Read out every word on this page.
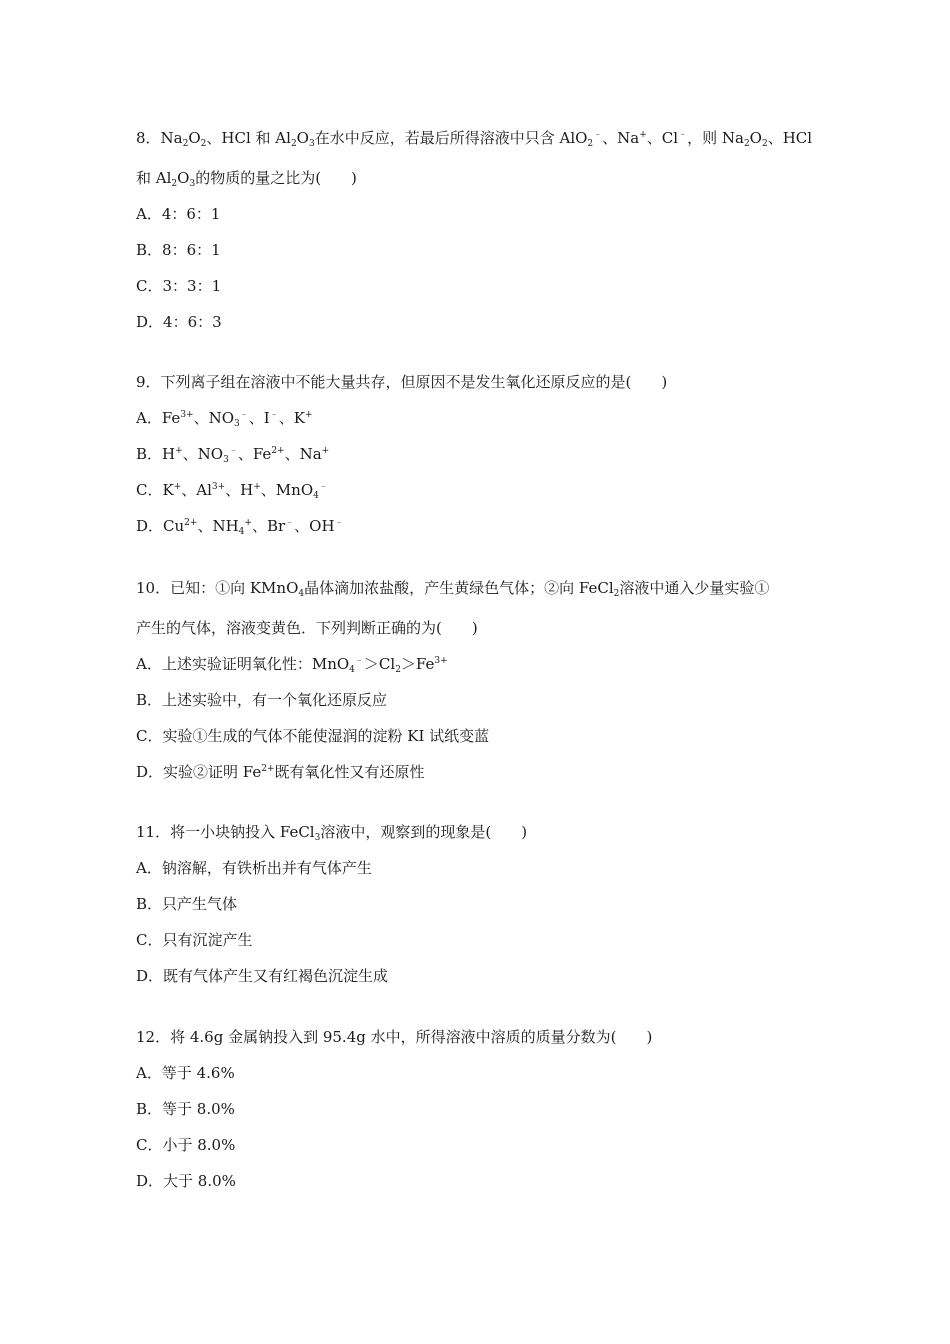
8．$Na_2O_2$、HCl 和 $Al_2O_3$在水中反应，若最后所得溶液中只含 AlO$_2$﹣、Na+、Cl﹣，则 $Na_2O_2$、HCl
和 $Al_2O_3$的物质的量之比为(　　)
A．4：6：1
B．8：6：1
C．3：3：1
D．4：6：3
9．下列离子组在溶液中不能大量共存，但原因不是发生氧化还原反应的是(　　)
A．$Fe^{3+}$、$NO_3^﹣$、I﹣、K+
B．H+、$NO_3^﹣$、$Fe^{2+}$、Na+
C．K+、$Al^{3+}$、H+、MnO$_4$﹣
D．$Cu^{2+}$、$NH_4^+$、Br﹣、OH﹣
10．已知：①向 KMnO$_4$晶体滴加浓盐酸，产生黄绿色气体；②向 FeCl$_2$溶液中通入少量实验①
产生的气体，溶液变黄色．下列判断正确的为(　　)
A．上述实验证明氧化性：$MnO_4^﹣>Cl_2>Fe^{3+}$
B．上述实验中，有一个氧化还原反应
C．实验①生成的气体不能使湿润的淀粉 KI 试纸变蓝
D．实验②证明 $Fe^{2+}$既有氧化性又有还原性
11．将一小块钠投入 FeCl$_3$溶液中，观察到的现象是(　　)
A．钠溶解，有铁析出并有气体产生
B．只产生气体
C．只有沉淀产生
D．既有气体产生又有红褐色沉淀生成
12．将 4.6g 金属钠投入到 95.4g 水中，所得溶液中溶质的质量分数为(　　)
A．等于 4.6%
B．等于 8.0%
C．小于 8.0%
D．大于 8.0%
